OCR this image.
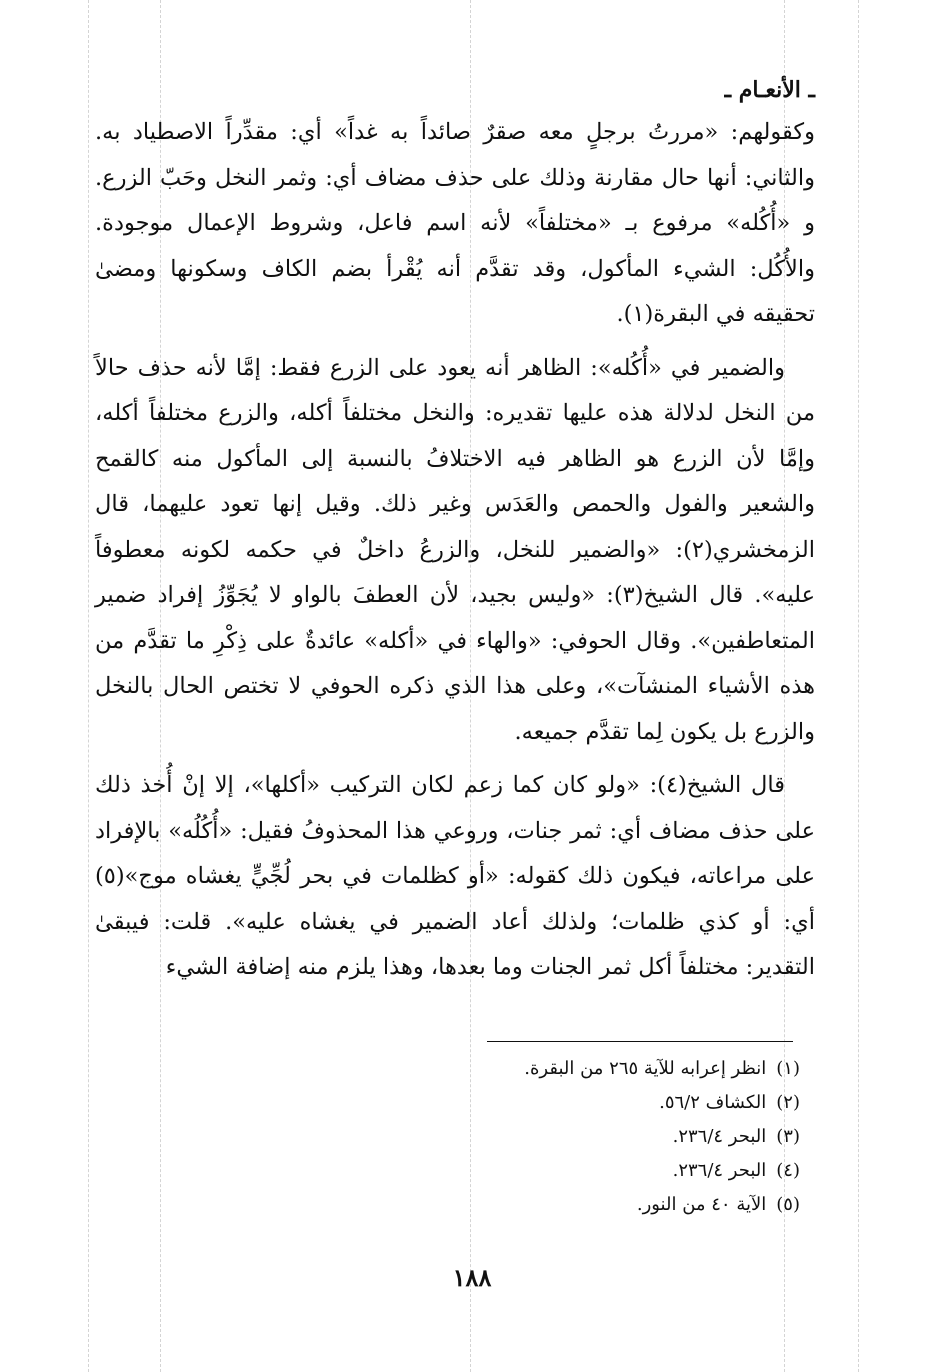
ـ الأنعـام ـ

وكقولهم: «مررتُ برجلٍ معه صقرٌ صائداً به غداً» أي: مقدِّراً الاصطياد به. والثاني: أنها حال مقارنة وذلك على حذف مضاف أي: وثمر النخل وحَبّ الزرع. و «أُكُله» مرفوع بـ «مختلفاً» لأنه اسم فاعل، وشروط الإعمال موجودة. والأُكُل: الشيء المأكول، وقد تقدَّم أنه يُقْرأ بضم الكاف وسكونها ومضىٰ تحقيقه في البقرة(١).

والضمير في «أُكُله»: الظاهر أنه يعود على الزرع فقط: إمَّا لأنه حذف حالاً من النخل لدلالة هذه عليها تقديره: والنخل مختلفاً أكله، والزرع مختلفاً أكله، وإمَّا لأن الزرع هو الظاهر فيه الاختلافُ بالنسبة إلى المأكول منه كالقمح والشعير والفول والحمص والعَدَس وغير ذلك. وقيل إنها تعود عليهما، قال الزمخشري(٢): «والضمير للنخل، والزرعُ داخلٌ في حكمه لكونه معطوفاً عليه». قال الشيخ(٣): «وليس بجيد، لأن العطفَ بالواو لا يُجَوِّزُ إفراد ضمير المتعاطفين». وقال الحوفي: «والهاء في «أكله» عائدةٌ على ذِكْرِ ما تقدَّم من هذه الأشياء المنشآت»، وعلى هذا الذي ذكره الحوفي لا تختص الحال بالنخل والزرع بل يكون لِما تقدَّم جميعه.

قال الشيخ(٤): «ولو كان كما زعم لكان التركيب «أكلها»، إلا إنْ أُخذ ذلك على حذف مضاف أي: ثمر جنات، وروعي هذا المحذوفُ فقيل: «أُكُلُه» بالإفراد على مراعاته، فيكون ذلك كقوله: «أو كظلمات في بحر لُجِّيٍّ يغشاه موج»(٥) أي: أو كذي ظلمات؛ ولذلك أعاد الضمير في يغشاه عليه». قلت: فيبقىٰ التقدير: مختلفاً أكل ثمر الجنات وما بعدها، وهذا يلزم منه إضافة الشيء

(١)انظر إعرابه للآية ٢٦٥ من البقرة.
(٢)الكشاف ٥٦/٢.
(٣)البحر ٢٣٦/٤.
(٤)البحر ٢٣٦/٤.
(٥)الآية ٤٠ من النور.
١٨٨
